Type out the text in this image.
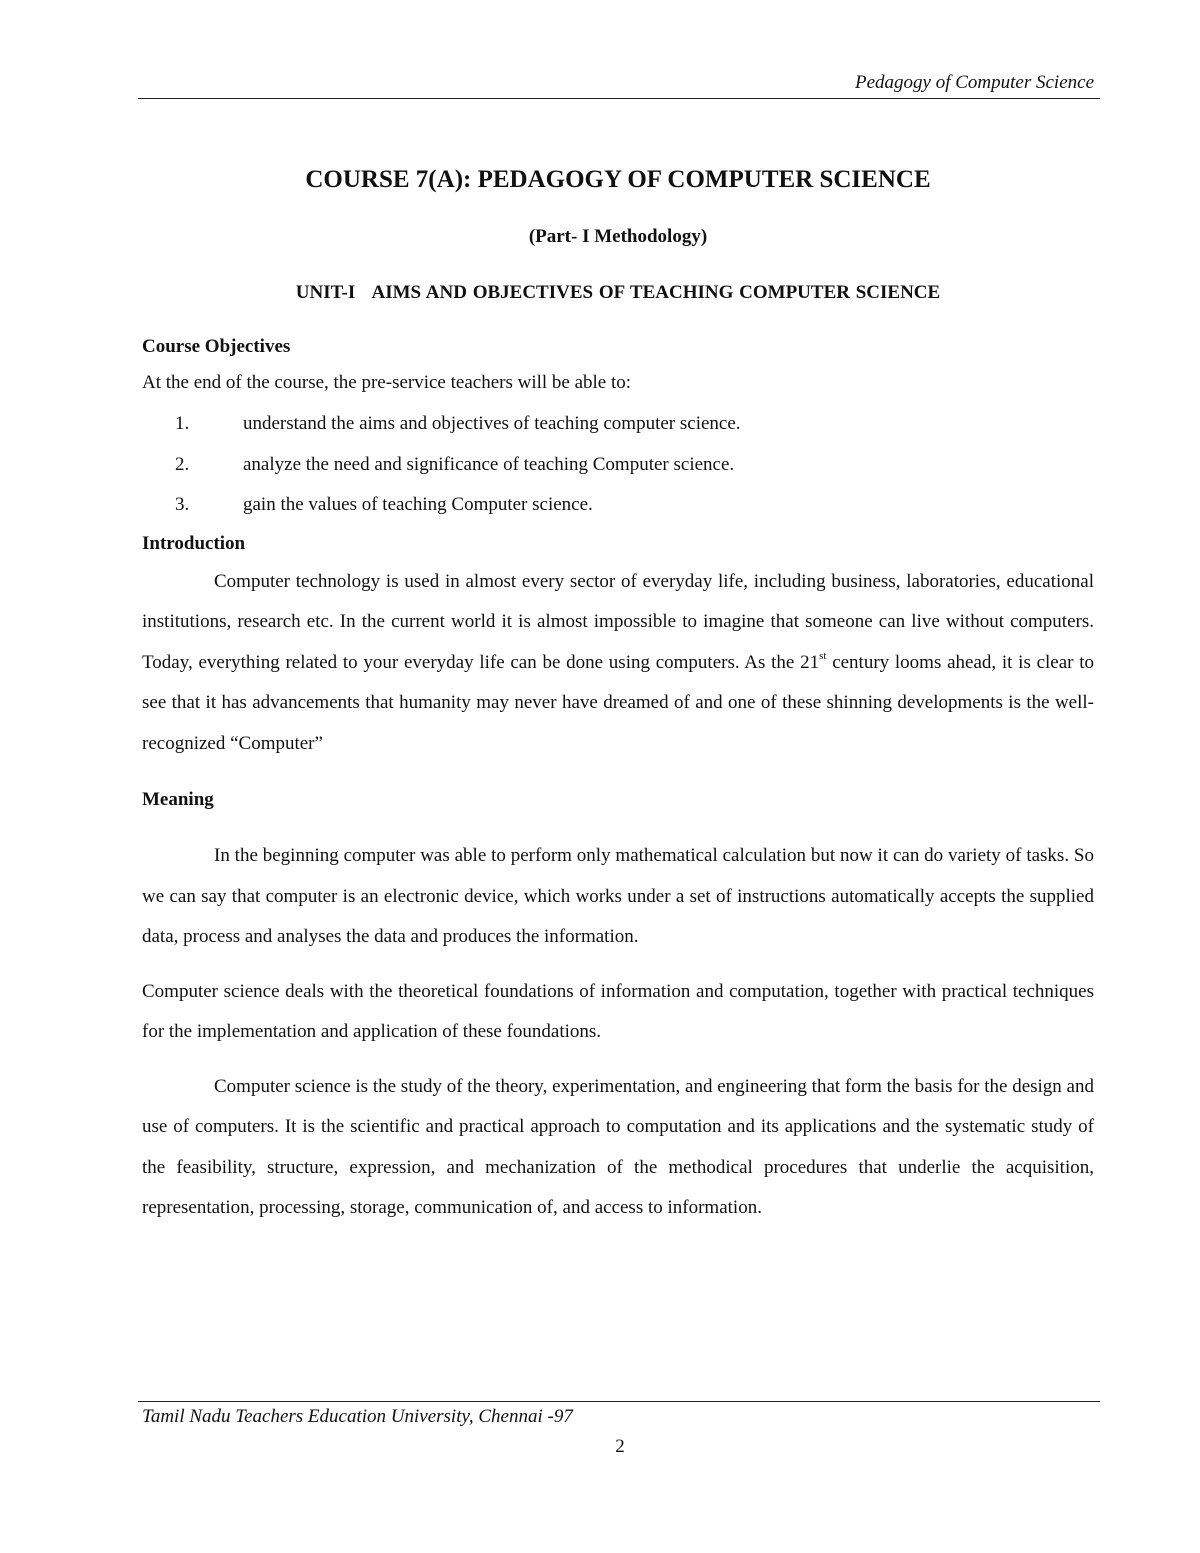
Pedagogy of Computer Science
COURSE 7(A): PEDAGOGY OF COMPUTER SCIENCE
(Part- I Methodology)
UNIT-I   AIMS AND OBJECTIVES OF TEACHING COMPUTER SCIENCE
Course Objectives
At the end of the course, the pre-service teachers will be able to:
1.	understand the aims and objectives of teaching computer science.
2.	analyze the need and significance of teaching Computer science.
3.	gain the values of teaching Computer science.
Introduction

Computer technology is used in almost every sector of everyday life, including business, laboratories, educational institutions, research etc. In the current world it is almost impossible to imagine that someone can live without computers. Today, everything related to your everyday life can be done using computers. As the 21st century looms ahead, it is clear to see that it has advancements that humanity may never have dreamed of and one of these shinning developments is the well-recognized “Computer”

Meaning

In the beginning computer was able to perform only mathematical calculation but now it can do variety of tasks. So we can say that computer is an electronic device, which works under a set of instructions automatically accepts the supplied data, process and analyses the data and produces the information.

Computer science deals with the theoretical foundations of information and computation, together with practical techniques for the implementation and application of these foundations.

Computer science is the study of the theory, experimentation, and engineering that form the basis for the design and use of computers. It is the scientific and practical approach to computation and its applications and the systematic study of the feasibility, structure, expression, and mechanization of the methodical procedures that underlie the acquisition, representation, processing, storage, communication of, and access to information.

Tamil Nadu Teachers Education University, Chennai -97
2
